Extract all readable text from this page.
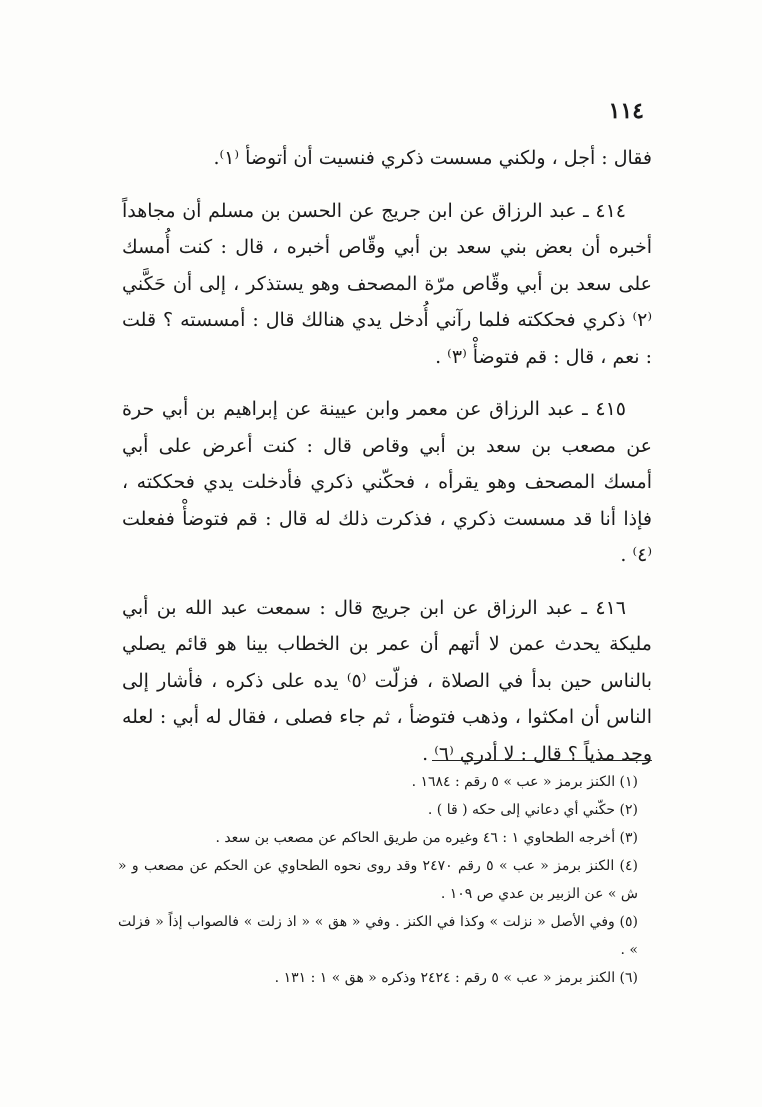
١١٤

فقال : أجل ، ولكني مسست ذكري فنسيت أن أتوضأ ⁽١⁾.

٤١٤ ـ عبد الرزاق عن ابن جريج عن الحسن بن مسلم أن مجاهداً أخبره أن بعض بني سعد بن أبي وقّاص أخبره ، قال : كنت أُمسك على سعد بن أبي وقّاص مرّة المصحف وهو يستذكر ، إلى أن حَكَّني ⁽٢⁾ ذكري فحككته فلما رآني أُدخل يدي هنالك قال : أمسسته ؟ قلت : نعم ، قال : قم فتوضأْ ⁽٣⁾ .

٤١٥ ـ عبد الرزاق عن معمر وابن عيينة عن إبراهيم بن أبي حرة عن مصعب بن سعد بن أبي وقاص قال : كنت أعرض على أبي أمسك المصحف وهو يقرأه ، فحكّني ذكري فأدخلت يدي فحككته ، فإذا أنا قد مسست ذكري ، فذكرت ذلك له قال : قم فتوضأْ ففعلت ⁽٤⁾ .

٤١٦ ـ عبد الرزاق عن ابن جريج قال : سمعت عبد الله بن أبي مليكة يحدث عمن لا أتهم أن عمر بن الخطاب بينا هو قائم يصلي بالناس حين بدأ في الصلاة ، فزلّت ⁽٥⁾ يده على ذكره ، فأشار إلى الناس أن امكثوا ، وذهب فتوضأ ، ثم جاء فصلى ، فقال له أبي : لعله وجد مذياً ؟ قال : لا أدري ⁽٦⁾ .

(١) الكنز برمز « عب » ٥ رقم : ١٦٨٤ .

(٢) حكّني أي دعاني إلى حكه ( قا ) .

(٣) أخرجه الطحاوي ١ : ٤٦ وغيره من طريق الحاكم عن مصعب بن سعد .

(٤) الكنز برمز « عب » ٥ رقم ٢٤٧٠ وقد روى نحوه الطحاوي عن الحكم عن مصعب و « ش » عن الزبير بن عدي ص ١٠٩ .

(٥) وفي الأصل « نزلت » وكذا في الكنز . وفي « هق » « اذ زلت » فالصواب إذاً « فزلت » .

(٦) الكنز برمز « عب » ٥ رقم : ٢٤٢٤ وذكره « هق » ١ : ١٣١ .
